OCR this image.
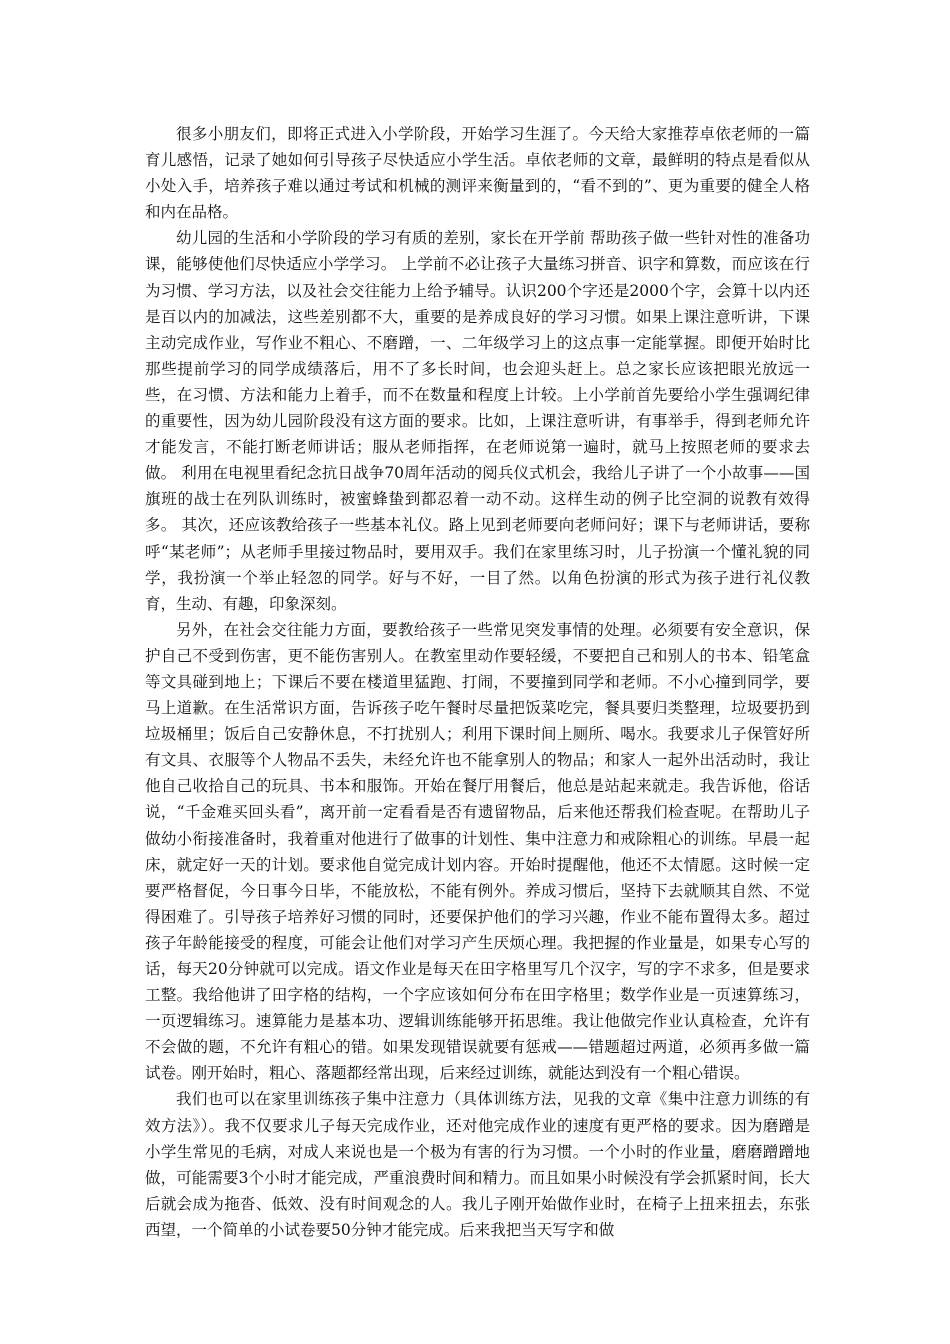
很多小朋友们，即将正式进入小学阶段，开始学习生涯了。今天给大家推荐卓依老师的一篇育儿感悟，记录了她如何引导孩子尽快适应小学生活。卓依老师的文章，最鲜明的特点是看似从小处入手，培养孩子难以通过考试和机械的测评来衡量到的，“看不到的”、更为重要的健全人格和内在品格。

幼儿园的生活和小学阶段的学习有质的差别，家长在开学前 帮助孩子做一些针对性的准备功课，能够使他们尽快适应小学学习。 上学前不必让孩子大量练习拼音、识字和算数，而应该在行为习惯、学习方法，以及社会交往能力上给予辅导。认识200个字还是2000个字，会算十以内还是百以内的加减法，这些差别都不大，重要的是养成良好的学习习惯。如果上课注意听讲，下课主动完成作业，写作业不粗心、不磨蹭，一、二年级学习上的这点事一定能掌握。即便开始时比那些提前学习的同学成绩落后，用不了多长时间，也会迎头赶上。总之家长应该把眼光放远一些，在习惯、方法和能力上着手，而不在数量和程度上计较。上小学前首先要给小学生强调纪律的重要性，因为幼儿园阶段没有这方面的要求。比如，上课注意听讲，有事举手，得到老师允许才能发言，不能打断老师讲话；服从老师指挥，在老师说第一遍时，就马上按照老师的要求去做。 利用在电视里看纪念抗日战争70周年活动的阅兵仪式机会，我给儿子讲了一个小故事——国旗班的战士在列队训练时，被蜜蜂蛰到都忍着一动不动。这样生动的例子比空洞的说教有效得多。 其次，还应该教给孩子一些基本礼仪。路上见到老师要向老师问好；课下与老师讲话，要称呼“某老师”；从老师手里接过物品时，要用双手。我们在家里练习时，儿子扮演一个懂礼貌的同学，我扮演一个举止轻忽的同学。好与不好，一目了然。以角色扮演的形式为孩子进行礼仪教育，生动、有趣，印象深刻。

另外，在社会交往能力方面，要教给孩子一些常见突发事情的处理。必须要有安全意识，保护自己不受到伤害，更不能伤害别人。在教室里动作要轻缓，不要把自己和别人的书本、铅笔盒等文具碰到地上；下课后不要在楼道里猛跑、打闹，不要撞到同学和老师。不小心撞到同学，要马上道歉。在生活常识方面，告诉孩子吃午餐时尽量把饭菜吃完，餐具要归类整理，垃圾要扔到垃圾桶里；饭后自己安静休息，不打扰别人；利用下课时间上厕所、喝水。我要求儿子保管好所有文具、衣服等个人物品不丢失，未经允许也不能拿别人的物品；和家人一起外出活动时，我让他自己收拾自己的玩具、书本和服饰。开始在餐厅用餐后，他总是站起来就走。我告诉他，俗话说，“千金难买回头看”，离开前一定看看是否有遗留物品，后来他还帮我们检查呢。在帮助儿子做幼小衔接准备时，我着重对他进行了做事的计划性、集中注意力和戒除粗心的训练。早晨一起床，就定好一天的计划。要求他自觉完成计划内容。开始时提醒他，他还不太情愿。这时候一定要严格督促，今日事今日毕，不能放松，不能有例外。养成习惯后，坚持下去就顺其自然、不觉得困难了。引导孩子培养好习惯的同时，还要保护他们的学习兴趣，作业不能布置得太多。超过孩子年龄能接受的程度，可能会让他们对学习产生厌烦心理。我把握的作业量是，如果专心写的话，每天20分钟就可以完成。语文作业是每天在田字格里写几个汉字，写的字不求多，但是要求工整。我给他讲了田字格的结构，一个字应该如何分布在田字格里；数学作业是一页速算练习，一页逻辑练习。速算能力是基本功、逻辑训练能够开拓思维。我让他做完作业认真检查，允许有不会做的题，不允许有粗心的错。如果发现错误就要有惩戒——错题超过两道，必须再多做一篇试卷。刚开始时，粗心、落题都经常出现，后来经过训练，就能达到没有一个粗心错误。

我们也可以在家里训练孩子集中注意力（具体训练方法，见我的文章《集中注意力训练的有效方法》）。我不仅要求儿子每天完成作业，还对他完成作业的速度有更严格的要求。因为磨蹭是小学生常见的毛病，对成人来说也是一个极为有害的行为习惯。一个小时的作业量，磨磨蹭蹭地做，可能需要3个小时才能完成，严重浪费时间和精力。而且如果小时候没有学会抓紧时间，长大后就会成为拖沓、低效、没有时间观念的人。我儿子刚开始做作业时，在椅子上扭来扭去，东张西望，一个简单的小试卷要50分钟才能完成。后来我把当天写字和做
